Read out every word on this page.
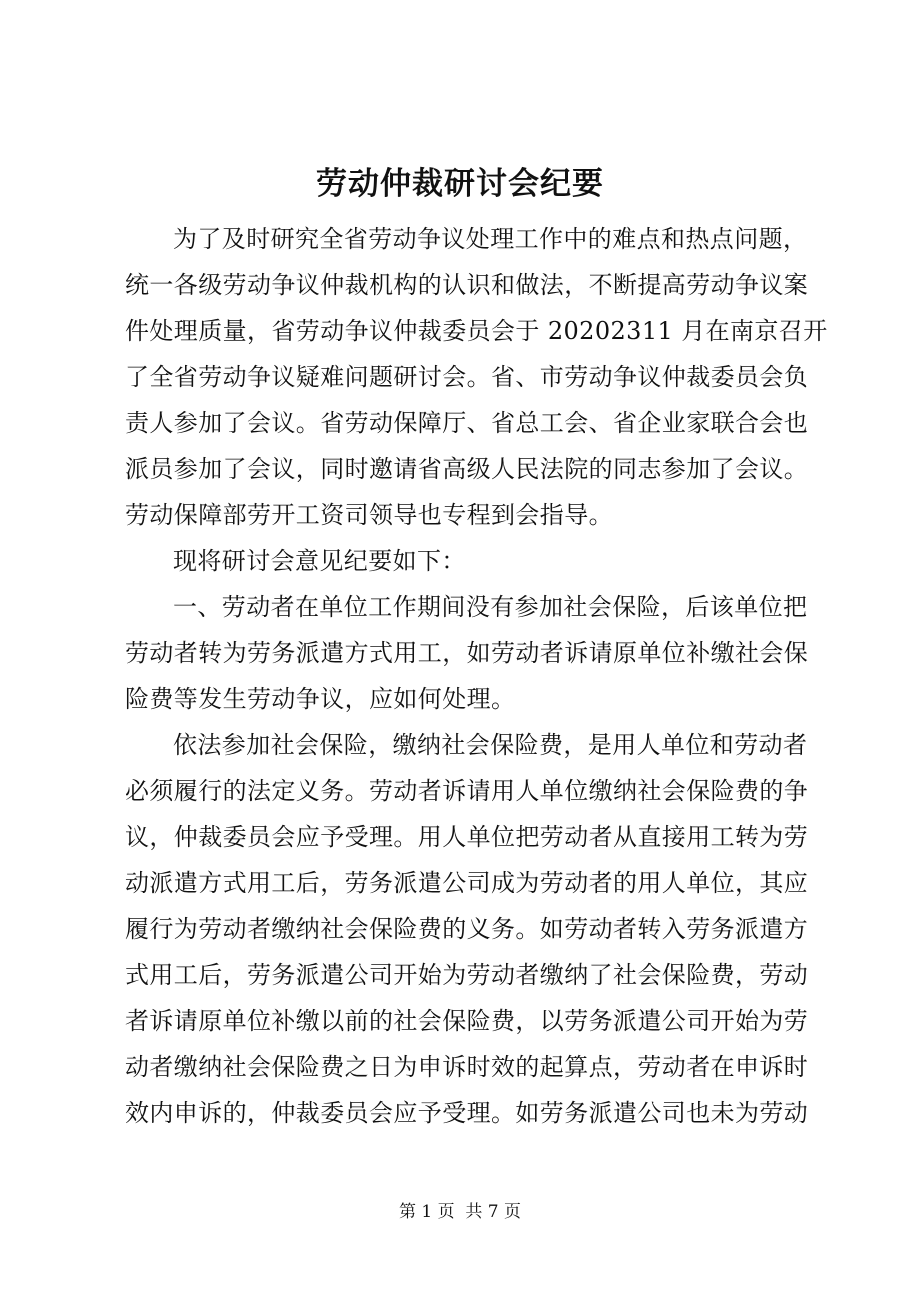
劳动仲裁研讨会纪要
为了及时研究全省劳动争议处理工作中的难点和热点问题，
统一各级劳动争议仲裁机构的认识和做法，不断提高劳动争议案
件处理质量，省劳动争议仲裁委员会于 20202311 月在南京召开
了全省劳动争议疑难问题研讨会。省、市劳动争议仲裁委员会负
责人参加了会议。省劳动保障厅、省总工会、省企业家联合会也
派员参加了会议，同时邀请省高级人民法院的同志参加了会议。
劳动保障部劳开工资司领导也专程到会指导。
现将研讨会意见纪要如下：
一、劳动者在单位工作期间没有参加社会保险，后该单位把
劳动者转为劳务派遣方式用工，如劳动者诉请原单位补缴社会保
险费等发生劳动争议，应如何处理。
依法参加社会保险，缴纳社会保险费，是用人单位和劳动者
必须履行的法定义务。劳动者诉请用人单位缴纳社会保险费的争
议，仲裁委员会应予受理。用人单位把劳动者从直接用工转为劳
动派遣方式用工后，劳务派遣公司成为劳动者的用人单位，其应
履行为劳动者缴纳社会保险费的义务。如劳动者转入劳务派遣方
式用工后，劳务派遣公司开始为劳动者缴纳了社会保险费，劳动
者诉请原单位补缴以前的社会保险费，以劳务派遣公司开始为劳
动者缴纳社会保险费之日为申诉时效的起算点，劳动者在申诉时
效内申诉的，仲裁委员会应予受理。如劳务派遣公司也未为劳动
第 1 页  共 7 页
